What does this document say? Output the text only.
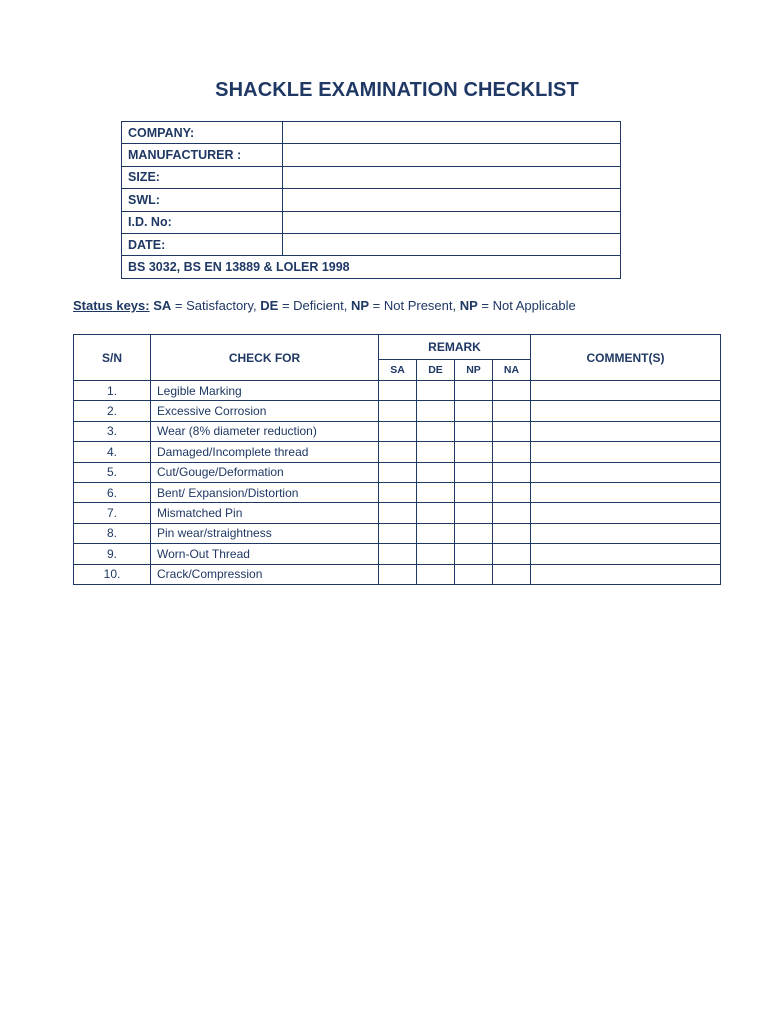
SHACKLE EXAMINATION CHECKLIST
COMPANY:	
MANUFACTURER :	
SIZE:	
SWL:	
I.D. No:	
DATE:	
BS 3032, BS EN 13889 & LOLER 1998	
Status keys: SA = Satisfactory, DE = Deficient, NP = Not Present, NP = Not Applicable
S/N	CHECK FOR	REMARK				COMMENT(S)
		SA	DE	NP	NA	
1.	Legible Marking					
2.	Excessive Corrosion					
3.	Wear (8% diameter reduction)					
4.	Damaged/Incomplete thread					
5.	Cut/Gouge/Deformation					
6.	Bent/ Expansion/Distortion					
7.	Mismatched Pin					
8.	Pin wear/straightness					
9.	Worn-Out Thread					
10.	Crack/Compression					
